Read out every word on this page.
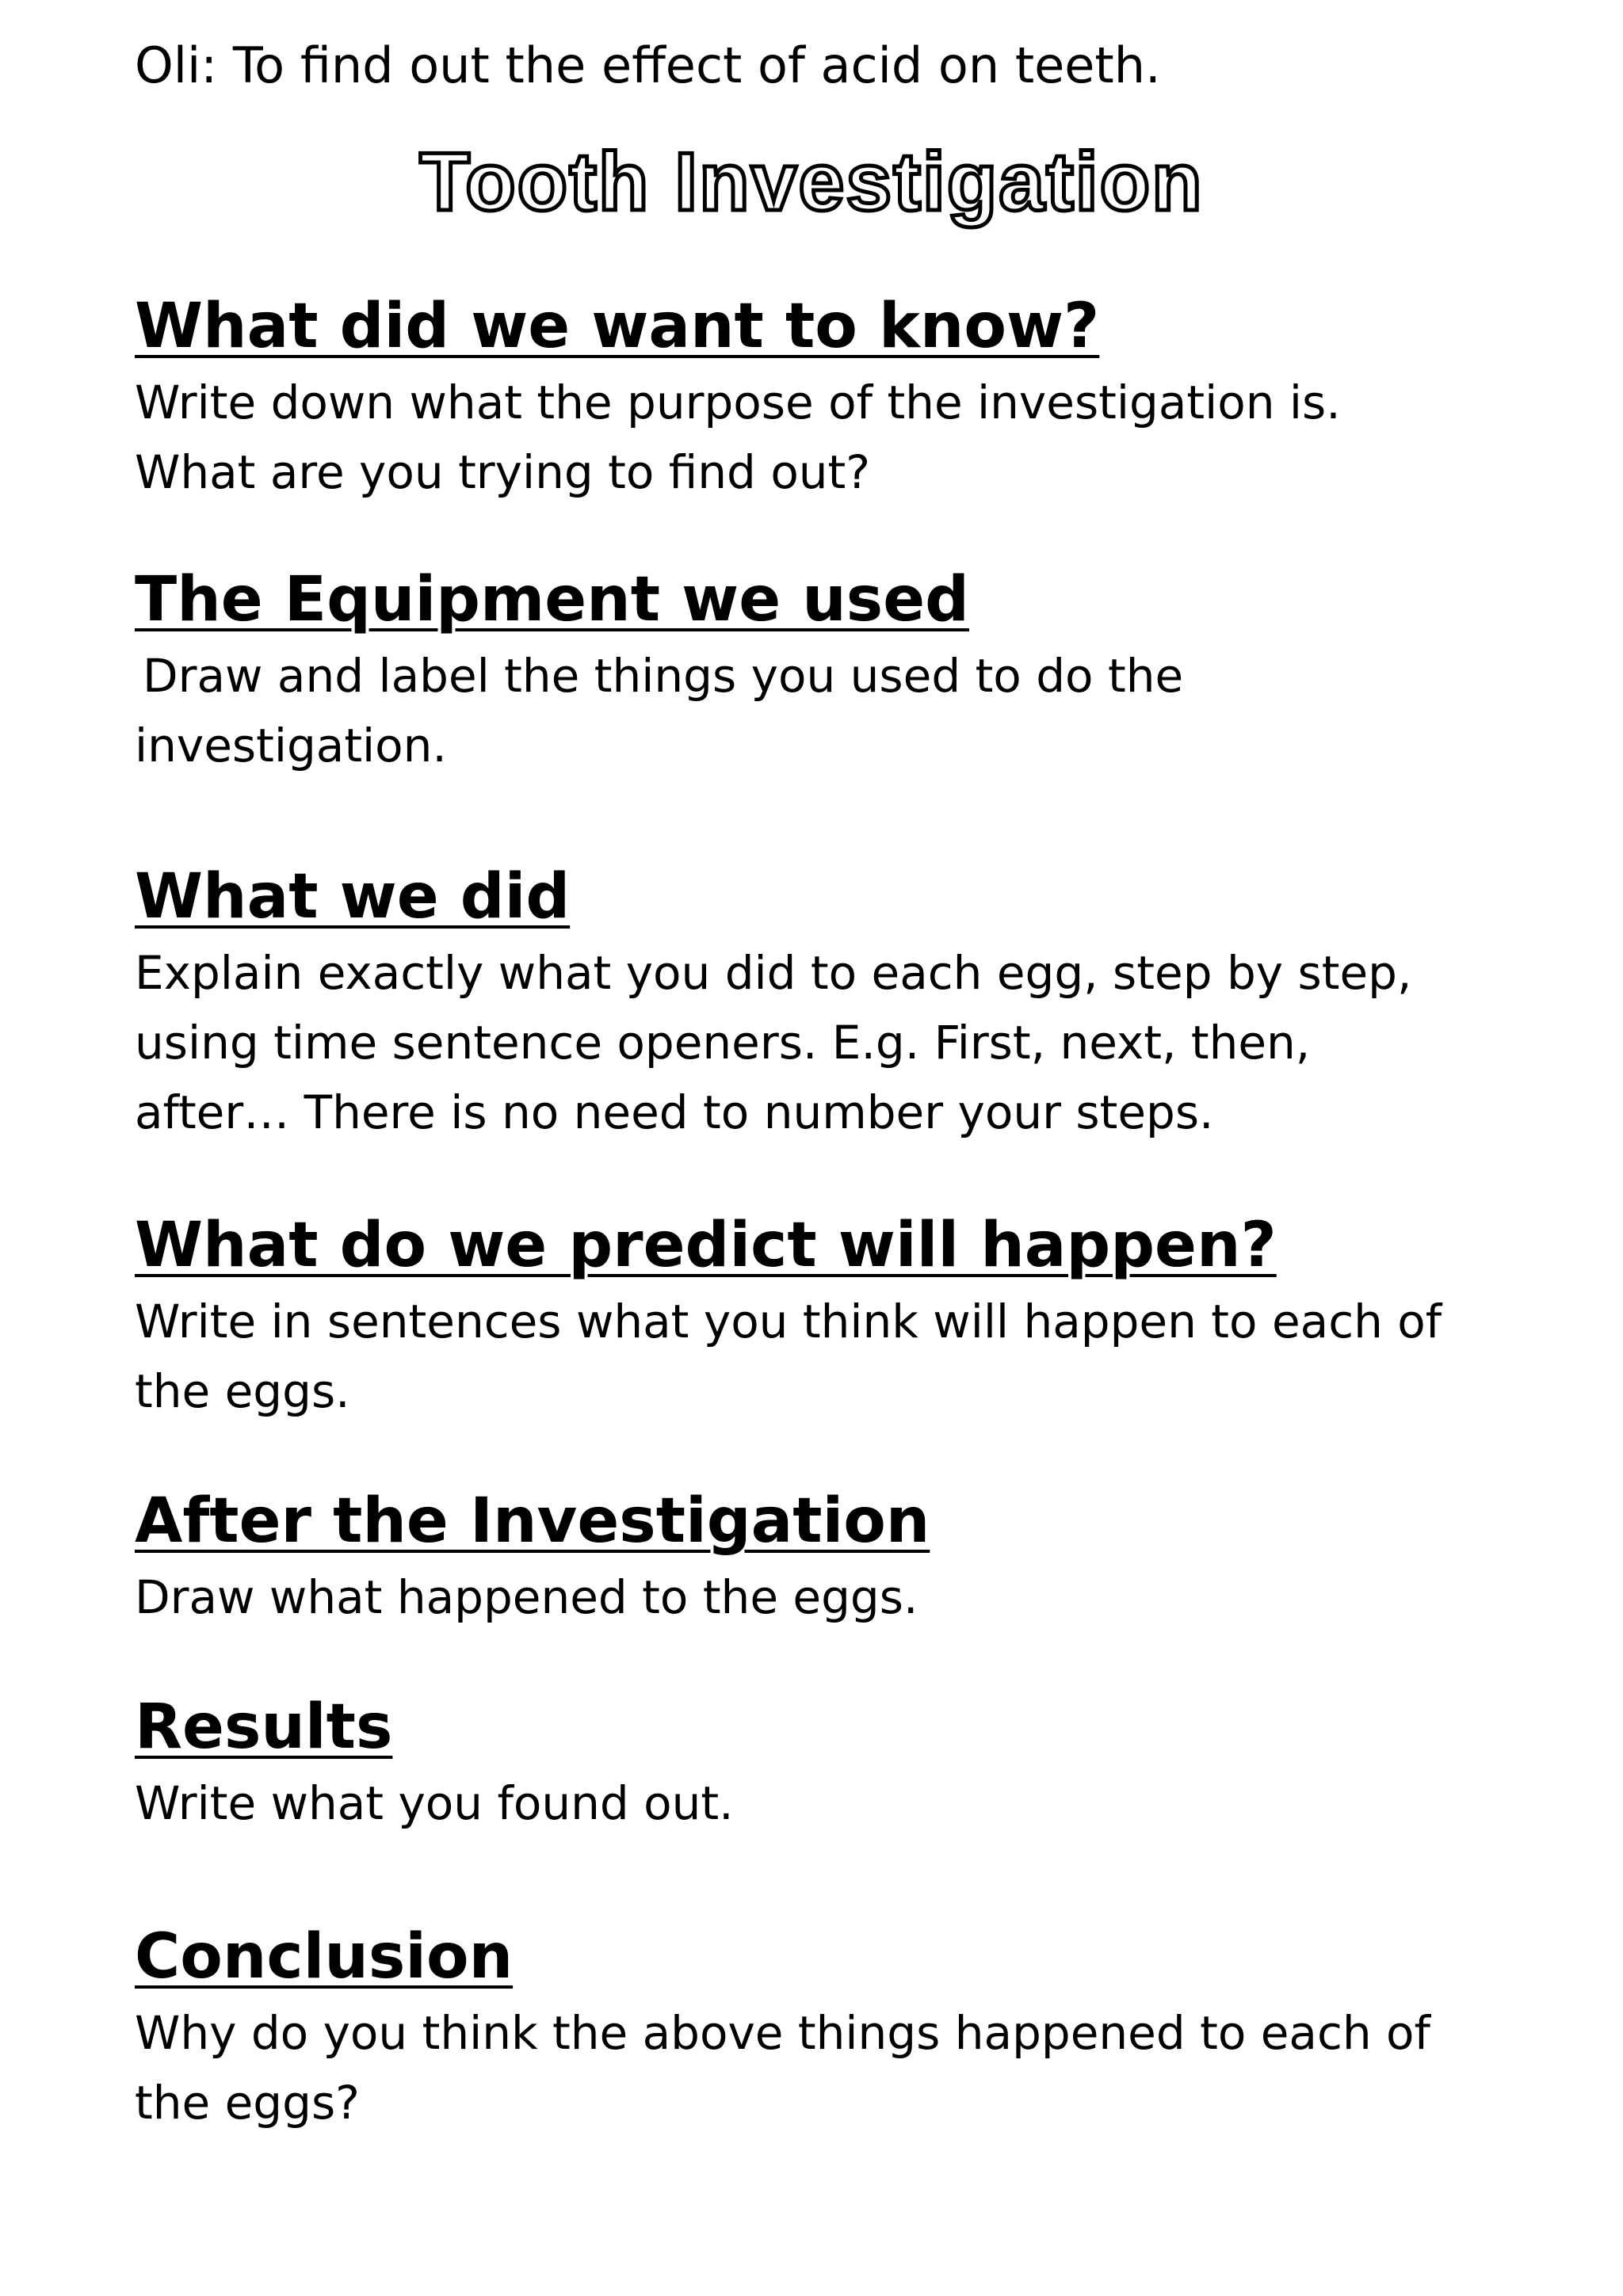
Oli: To find out the effect of acid on teeth.
Tooth Investigation
What did we want to know?

Write down what the purpose of the investigation is.
What are you trying to find out?

The Equipment we used

Draw and label the things you used to do the
investigation.

What we did

Explain exactly what you did to each egg, step by step,
using time sentence openers. E.g. First, next, then,
after… There is no need to number your steps.

What do we predict will happen?

Write in sentences what you think will happen to each of
the eggs.

After the Investigation

Draw what happened to the eggs.

Results

Write what you found out.

Conclusion

Why do you think the above things happened to each of
the eggs?
